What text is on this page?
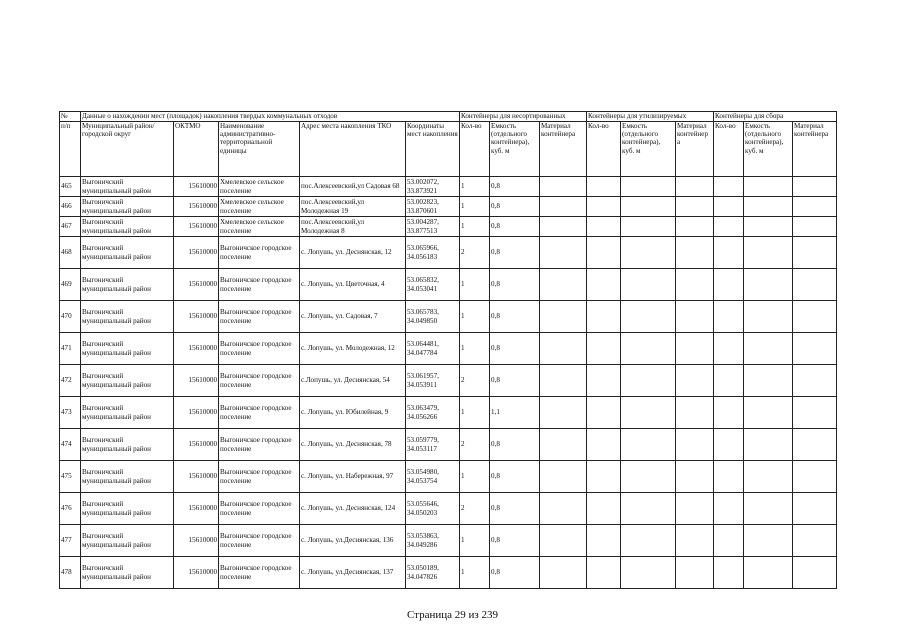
№	Данные о нахождении мест (площадок) накопления твердых коммунальных отходов					Контейнеры для несортированных			Контейнеры для утилизируемых			Контейнеры для сбора		
п/п	Муниципальный район/городской округ	ОКТМО	Наименование административно-территориальной единицы	Адрес места накопления ТКО	Координаты мест накопления	Кол-во	Емкость (отдельного контейнера), куб. м	Материал контейнера	Кол-во	Емкость (отдельного контейнера), куб. м	Материал контейнер а	Кол-во	Емкость (отдельного контейнера), куб. м	Материал контейнера
465	Выгоничский муниципальный район	15610000	Хмелевское сельское поселение	пос.Алексеевский,ул Садовая 68	53.002072, 33.873921	1	0,8							
466	Выгоничский муниципальный район	15610000	Хмелевское сельское поселение	пос.Алексеевский,ул Молодежная 19	53.002823, 33.870601	1	0,8							
467	Выгоничский муниципальный район	15610000	Хмелевское сельское поселение	пос.Алексеевский,ул Молодежная 8	53.004287, 33.877513	1	0,8							
468	Выгоничский муниципальный район	15610000	Выгоничское городское поселение	с. Лопушь, ул. Деснянская, 12	53.065966, 34.056183	2	0,8							
469	Выгоничский муниципальный район	15610000	Выгоничское городское поселение	с. Лопушь, ул. Цветочная, 4	53.065832, 34.053041	1	0,8							
470	Выгоничский муниципальный район	15610000	Выгоничское городское поселение	с. Лопушь, ул. Садовая, 7	53.065783, 34.049850	1	0,8							
471	Выгоничский муниципальный район	15610000	Выгоничское городское поселение	с. Лопушь, ул. Молодежная, 12	53.064481, 34.047784	1	0,8							
472	Выгоничский муниципальный район	15610000	Выгоничское городское поселение	с.Лопушь, ул. Деснянская, 54	53.061957, 34.053911	2	0,8							
473	Выгоничский муниципальный район	15610000	Выгоничское городское поселение	с. Лопушь, ул. Юбилейная, 9	53.063479, 34.056266	1	1,1							
474	Выгоничский муниципальный район	15610000	Выгоничское городское поселение	с. Лопушь, ул. Деснянская, 78	53.059779, 34.053117	2	0,8							
475	Выгоничский муниципальный район	15610000	Выгоничское городское поселение	с. Лопушь, ул. Набережная, 97	53.054980, 34.053754	1	0,8							
476	Выгоничский муниципальный район	15610000	Выгоничское городское поселение	с. Лопушь, ул. Деснянская, 124	53.055646, 34.050203	2	0,8							
477	Выгоничский муниципальный район	15610000	Выгоничское городское поселение	с. Лопушь, ул.Деснянская, 136	53.053863, 34.049286	1	0,8							
478	Выгоничский муниципальный район	15610000	Выгоничское городское поселение	с. Лопушь, ул.Деснянская, 137	53.050189, 34.047826	1	0,8							
Страница 29 из 239
